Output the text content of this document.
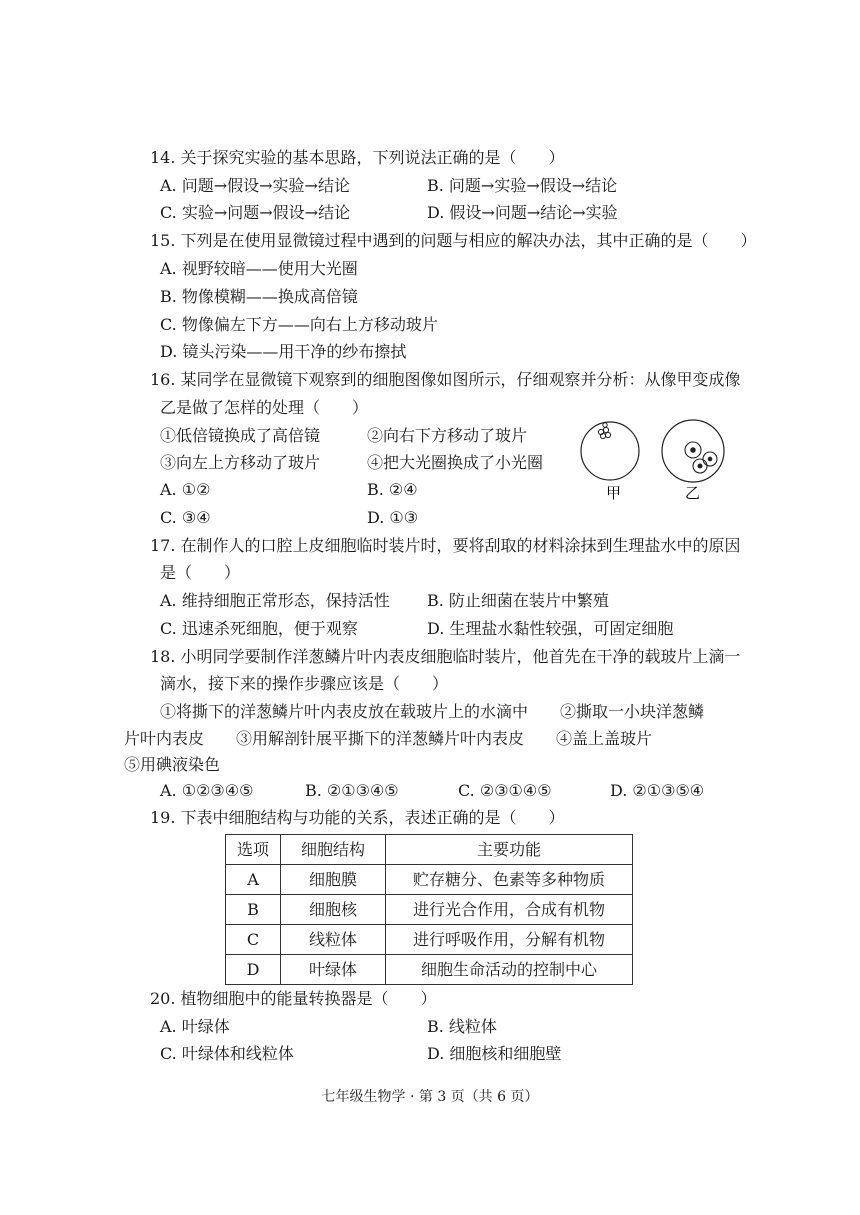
14. 关于探究实验的基本思路，下列说法正确的是（　　）
A. 问题→假设→实验→结论	B. 问题→实验→假设→结论
C. 实验→问题→假设→结论	D. 假设→问题→结论→实验
15. 下列是在使用显微镜过程中遇到的问题与相应的解决办法，其中正确的是（　　）
A. 视野较暗——使用大光圈
B. 物像模糊——换成高倍镜
C. 物像偏左下方——向右上方移动玻片
D. 镜头污染——用干净的纱布擦拭
16. 某同学在显微镜下观察到的细胞图像如图所示，仔细观察并分析：从像甲变成像
乙是做了怎样的处理（　　）
①低倍镜换成了高倍镜	②向右下方移动了玻片
③向左上方移动了玻片	④把大光圈换成了小光圈
A. ①②	B. ②④
C. ③④	D. ①③
甲	乙
17. 在制作人的口腔上皮细胞临时装片时，要将刮取的材料涂抹到生理盐水中的原因
是（　　）
A. 维持细胞正常形态，保持活性 B. 防止细菌在装片中繁殖
C. 迅速杀死细胞，便于观察	D. 生理盐水黏性较强，可固定细胞
18. 小明同学要制作洋葱鳞片叶内表皮细胞临时装片，他首先在干净的载玻片上滴一
滴水，接下来的操作步骤应该是（　　）
①将撕下的洋葱鳞片叶内表皮放在载玻片上的水滴中　　②撕取一小块洋葱鳞
片叶内表皮　　③用解剖针展平撕下的洋葱鳞片叶内表皮　　④盖上盖玻片
⑤用碘液染色
A. ①②③④⑤	B. ②①③④⑤	C. ②③①④⑤	D. ②①③⑤④
19. 下表中细胞结构与功能的关系，表述正确的是（　　）
选项	细胞结构	主要功能
A	细胞膜	贮存糖分、色素等多种物质
B	细胞核	进行光合作用，合成有机物
C	线粒体	进行呼吸作用，分解有机物
D	叶绿体	细胞生命活动的控制中心
20. 植物细胞中的能量转换器是（　　）
A. 叶绿体	B. 线粒体
C. 叶绿体和线粒体	D. 细胞核和细胞壁
七年级生物学 · 第 3 页（共 6 页）
